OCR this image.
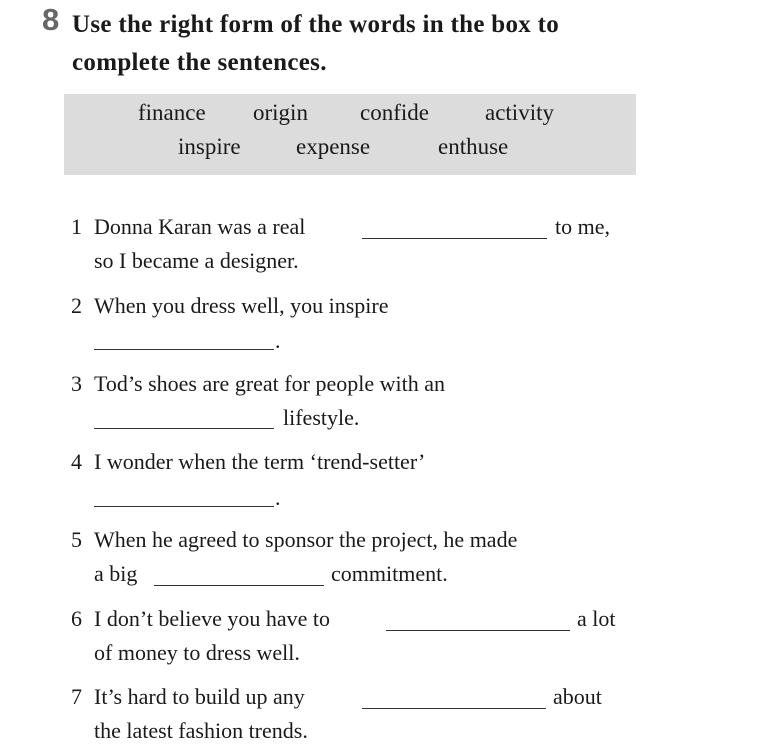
8 Use the right form of the words in the box to
complete the sentences.
finance origin confide activity
inspire expense	enthuse
1 Donna Karan was a real	to me,
so I became a designer.
2 When you dress well, you inspire
.
3 Tod’s shoes are great for people with an
lifestyle.
4 I wonder when the term ‘trend-setter’
.
5 When he agreed to sponsor the project, he made
a big	commitment.
6 I don’t believe you have to	a lot
of money to dress well.
7 It’s hard to build up any	about
the latest fashion trends.
